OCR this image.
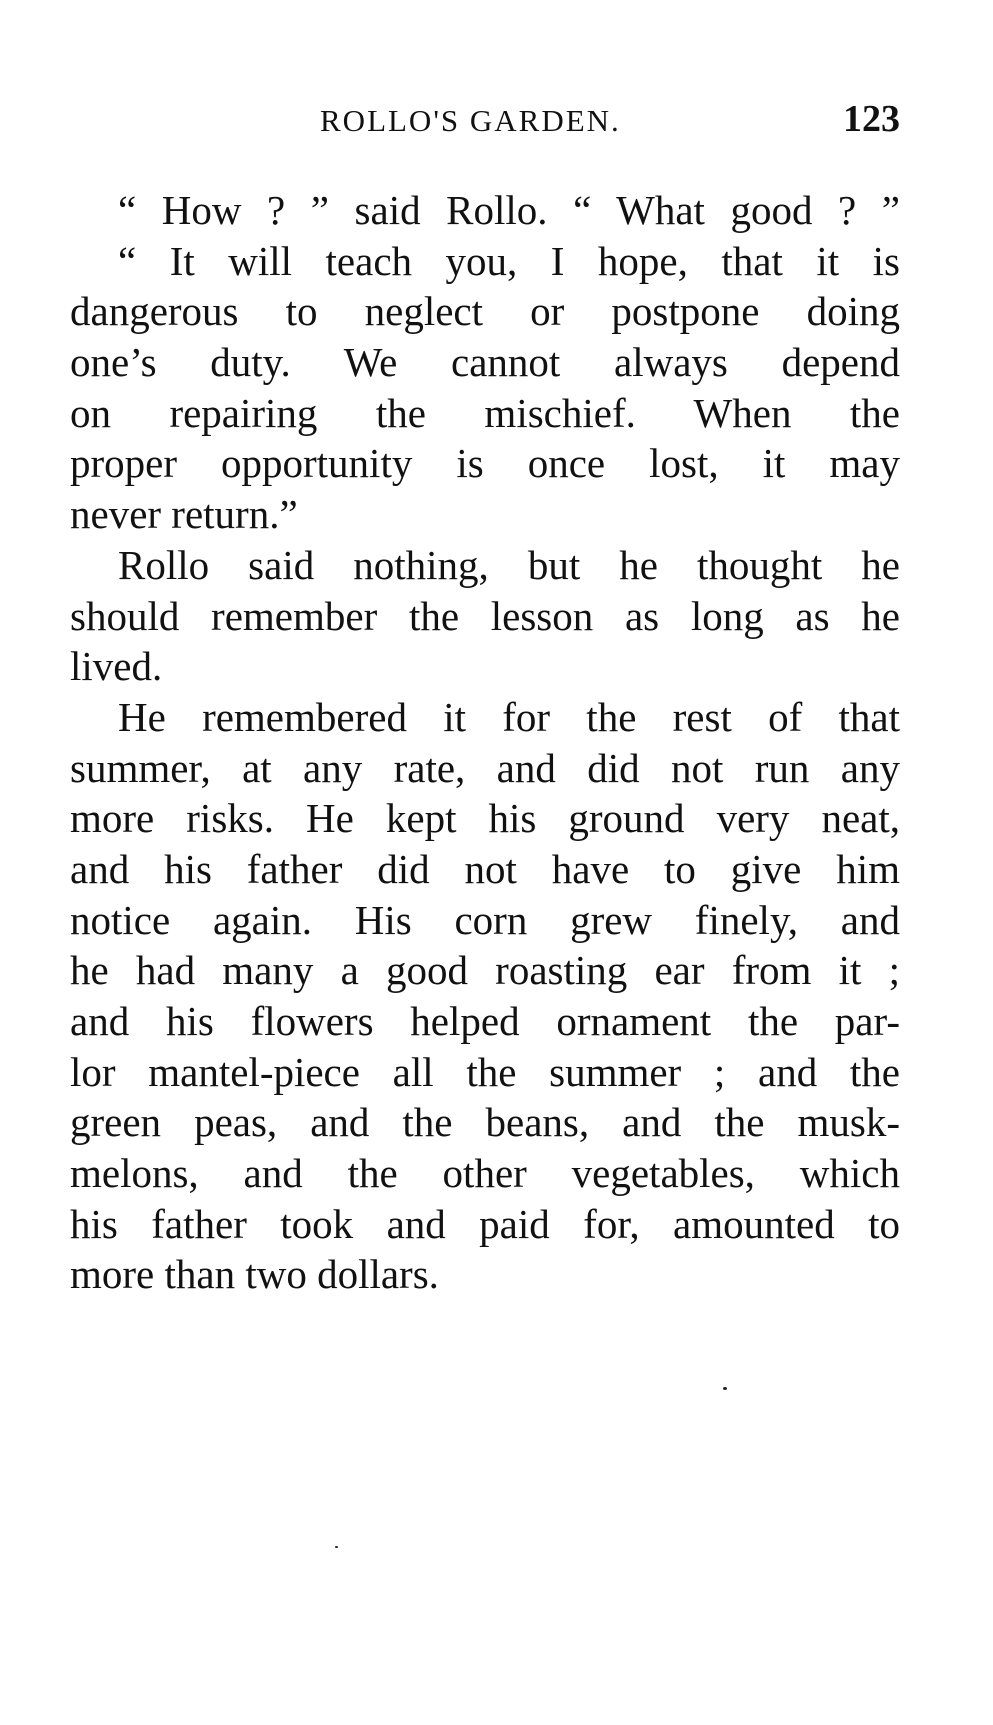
ROLLO'S GARDEN.	123
“ How ? ” said Rollo. “ What good ? ”
“ It will teach you, I hope, that it is
dangerous to neglect or postpone doing
one’s duty. We cannot always depend
on repairing the mischief. When the
proper opportunity is once lost, it may
never return.”
Rollo said nothing, but he thought he
should remember the lesson as long as he
lived.
He remembered it for the rest of that
summer, at any rate, and did not run any
more risks. He kept his ground very neat,
and his father did not have to give him
notice again. His corn grew finely, and
he had many a good roasting ear from it ;
and his flowers helped ornament the par-
lor mantel-piece all the summer ; and the
green peas, and the beans, and the musk-
melons, and the other vegetables, which
his father took and paid for, amounted to
more than two dollars.
